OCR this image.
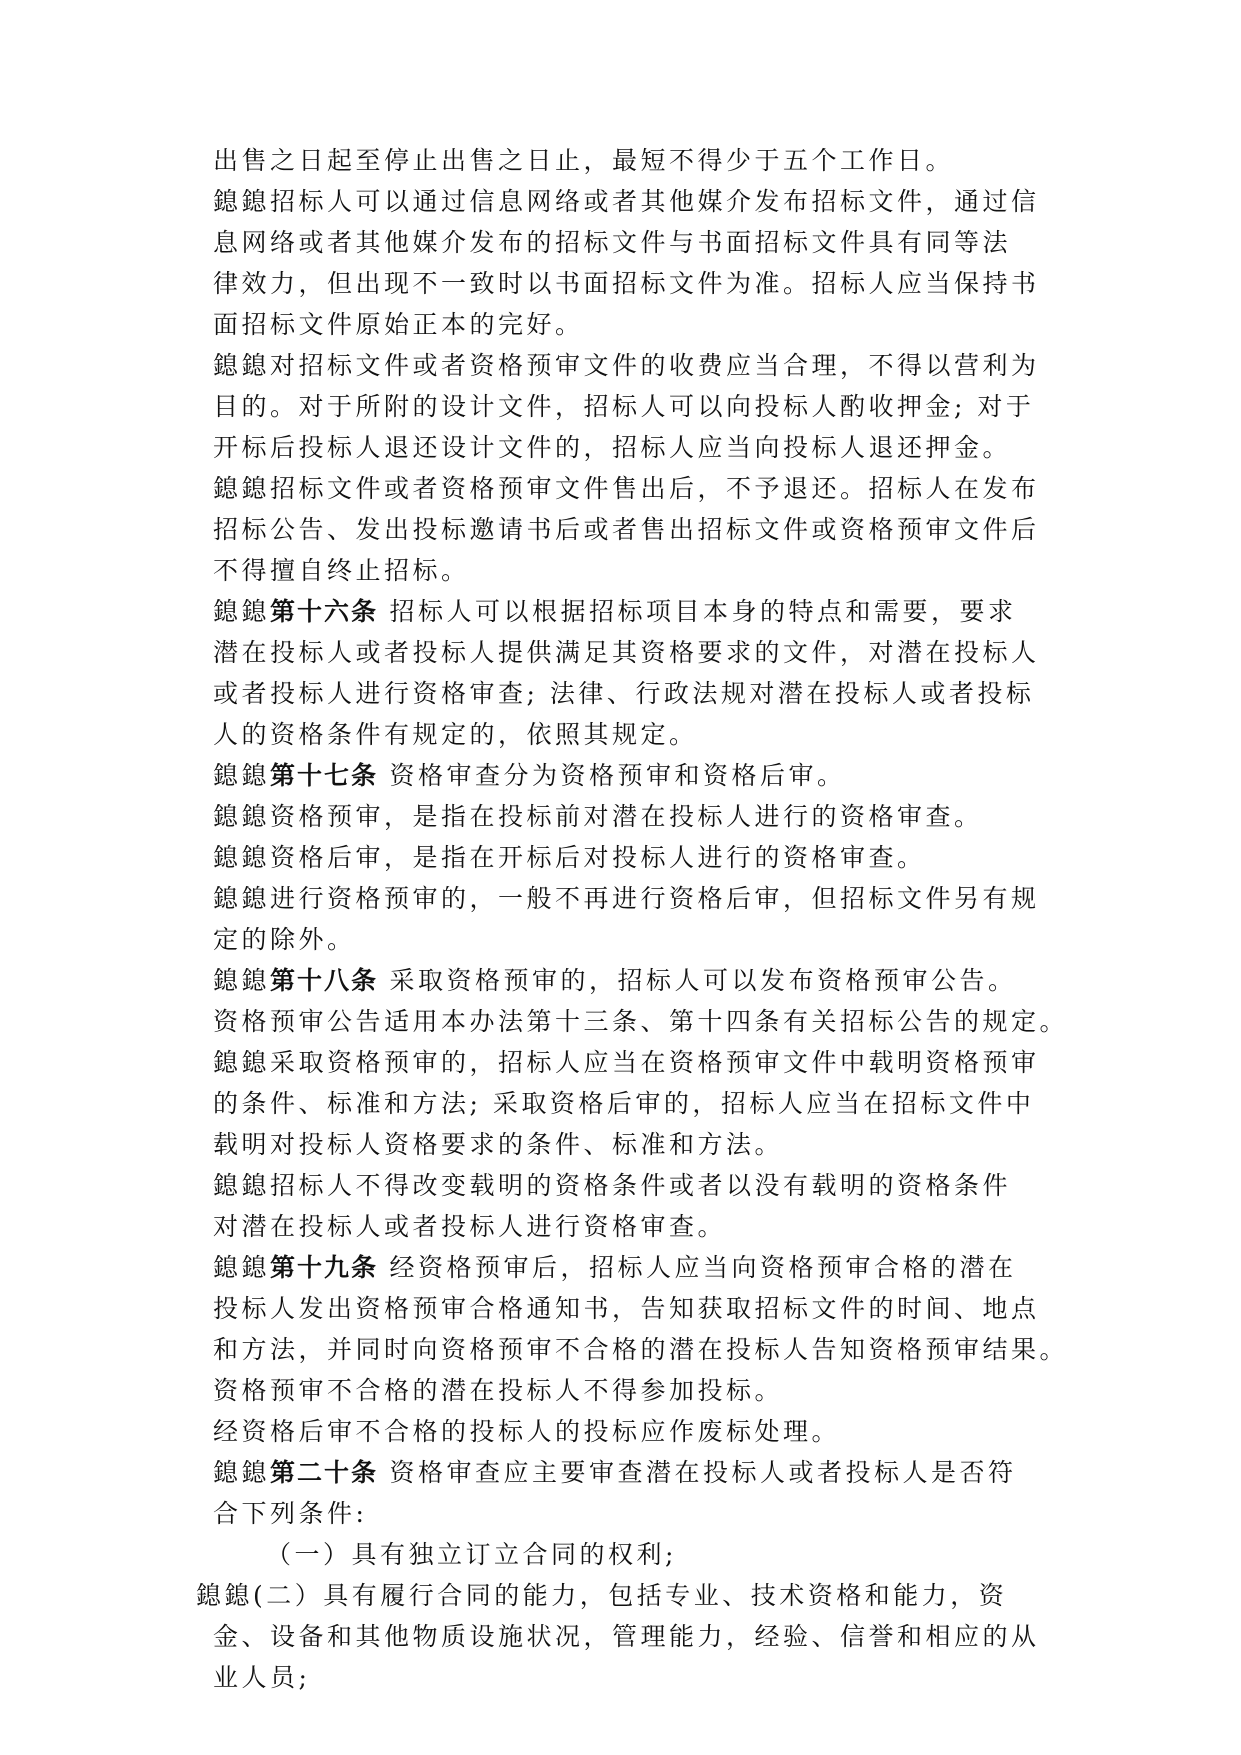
出售之日起至停止出售之日止，最短不得少于五个工作日。
鎴鎴招标人可以通过信息网络或者其他媒介发布招标文件，通过信
息网络或者其他媒介发布的招标文件与书面招标文件具有同等法
律效力，但出现不一致时以书面招标文件为准。招标人应当保持书
面招标文件原始正本的完好。
鎴鎴对招标文件或者资格预审文件的收费应当合理，不得以营利为
目的。对于所附的设计文件，招标人可以向投标人酌收押金; 对于
开标后投标人退还设计文件的，招标人应当向投标人退还押金。
鎴鎴招标文件或者资格预审文件售出后，不予退还。招标人在发布
招标公告、发出投标邀请书后或者售出招标文件或资格预审文件后
不得擅自终止招标。
鎴鎴第十六条 招标人可以根据招标项目本身的特点和需要，要求
潜在投标人或者投标人提供满足其资格要求的文件，对潜在投标人
或者投标人进行资格审查; 法律、行政法规对潜在投标人或者投标
人的资格条件有规定的，依照其规定。
鎴鎴第十七条 资格审查分为资格预审和资格后审。
鎴鎴资格预审，是指在投标前对潜在投标人进行的资格审查。
鎴鎴资格后审，是指在开标后对投标人进行的资格审查。
鎴鎴进行资格预审的，一般不再进行资格后审，但招标文件另有规
定的除外。
鎴鎴第十八条 采取资格预审的，招标人可以发布资格预审公告。
资格预审公告适用本办法第十三条、第十四条有关招标公告的规定。
鎴鎴采取资格预审的，招标人应当在资格预审文件中载明资格预审
的条件、标准和方法; 采取资格后审的，招标人应当在招标文件中
载明对投标人资格要求的条件、标准和方法。
鎴鎴招标人不得改变载明的资格条件或者以没有载明的资格条件
对潜在投标人或者投标人进行资格审查。
鎴鎴第十九条 经资格预审后，招标人应当向资格预审合格的潜在
投标人发出资格预审合格通知书，告知获取招标文件的时间、地点
和方法，并同时向资格预审不合格的潜在投标人告知资格预审结果。
资格预审不合格的潜在投标人不得参加投标。
经资格后审不合格的投标人的投标应作废标处理。
鎴鎴第二十条 资格审查应主要审查潜在投标人或者投标人是否符
合下列条件:
（一）具有独立订立合同的权利;
鎴鎴(二）具有履行合同的能力，包括专业、技术资格和能力，资
金、设备和其他物质设施状况，管理能力，经验、信誉和相应的从
业人员;
